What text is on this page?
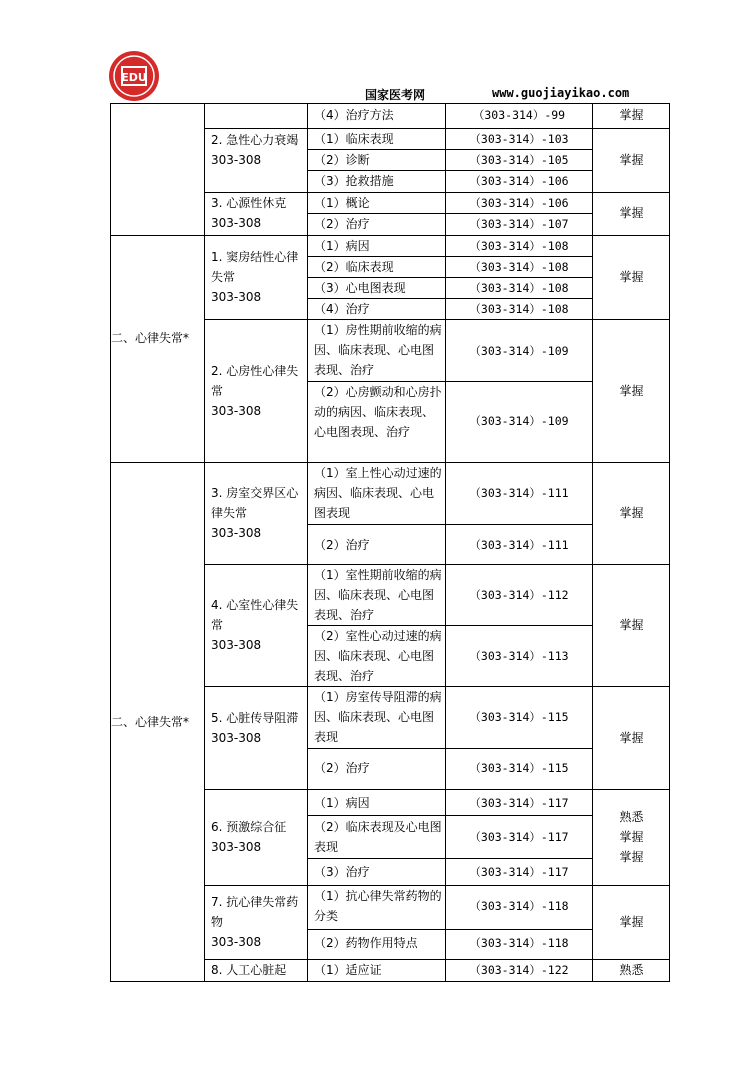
EDU
国家医考网	www.guojiayikao.com
二、心律失常*
二、心律失常*
2. 急性心力衰竭
303-308
3. 心源性休克
303-308
1. 窦房结性心律失常
303-308
2. 心房性心律失常
303-308
3. 房室交界区心律失常
303-308
4. 心室性心律失常
303-308
5. 心脏传导阻滞
303-308
6. 预激综合征
303-308
7. 抗心律失常药物
303-308
8. 人工心脏起
（4）治疗方法
（1）临床表现
（2）诊断
（3）抢救措施
（1）概论
（2）治疗
（1）病因
（2）临床表现
（3）心电图表现
（4）治疗
（1）房性期前收缩的病因、临床表现、心电图表现、治疗
（2）心房颤动和心房扑动的病因、临床表现、心电图表现、治疗
（1）室上性心动过速的病因、临床表现、心电图表现
（2）治疗
（1）室性期前收缩的病因、临床表现、心电图表现、治疗
（2）室性心动过速的病因、临床表现、心电图表现、治疗
（1）房室传导阻滞的病因、临床表现、心电图表现
（2）治疗
（1）病因
（2）临床表现及心电图表现
（3）治疗
（1）抗心律失常药物的分类
（2）药物作用特点
（1）适应证
（303-314）-99
（303-314）-103
（303-314）-105
（303-314）-106
（303-314）-106
（303-314）-107
（303-314）-108
（303-314）-108
（303-314）-108
（303-314）-108
（303-314）-109
（303-314）-109
（303-314）-111
（303-314）-111
（303-314）-112
（303-314）-113
（303-314）-115
（303-314）-115
（303-314）-117
（303-314）-117
（303-314）-117
（303-314）-118
（303-314）-118
（303-314）-122
掌握
掌握
掌握
掌握
掌握
掌握
掌握
掌握
熟悉
掌握
掌握
掌握
熟悉
